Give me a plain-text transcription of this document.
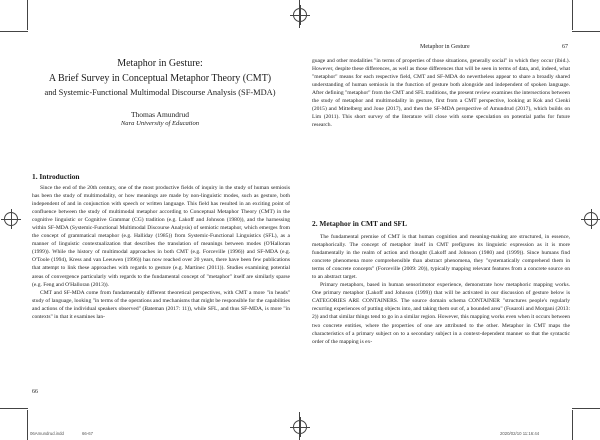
Metaphor in Gesture:
A Brief Survey in Conceptual Metaphor Theory (CMT)
and Systemic-Functional Multimodal Discourse Analysis (SF-MDA)
Thomas Amundrud
Nara University of Education
1. Introduction

Since the end of the 20th century, one of the most productive fields of inquiry in the study of human semiosis has been the study of multimodality, or how meanings are made by non-linguistic modes, such as gesture, both independent of and in conjunction with speech or written language. This field has resulted in an exciting point of confluence between the study of multimodal metaphor according to Conceptual Metaphor Theory (CMT) in the cognitive linguistic or Cognitive Grammar (CG) tradition (e.g. Lakoff and Johnson (1980)), and the harnessing within SF-MDA (Systemic-Functional Multimodal Discourse Analysis) of semiotic metaphor, which emerges from the concept of grammatical metaphor (e.g. Halliday (1985)) from Systemic-Functional Linguistics (SFL), as a manner of linguistic contextualization that describes the translation of meanings between modes (O'Halloran (1999)). While the history of multimodal approaches in both CMT (e.g. Forceville (1996)) and SF-MDA (e.g. O'Toole (1994), Kress and van Leeuwen (1996)) has now reached over 20 years, there have been few publications that attempt to link these approaches with regards to gesture (e.g. Martinec (2011)). Studies examining potential areas of convergence particularly with regards to the fundamental concept of "metaphor" itself are similarly sparse (e.g. Feng and O'Halloran (2013)).

CMT and SF-MDA come from fundamentally different theoretical perspectives, with CMT a more "in heads" study of language, looking "in terms of the operations and mechanisms that might be responsible for the capabilities and actions of the individual speakers observed" (Bateman (2017: 11)), while SFL, and thus SF-MDA, is more "in contexts" in that it examines lan-

66
Metaphor in Gesture	67

guage and other modalities "in terms of properties of those situations, generally social" in which they occur (ibid.). However, despite these differences, as well as those differences that will be seen in terms of data, and, indeed, what "metaphor" means for each respective field, CMT and SF-MDA do nevertheless appear to share a broadly shared understanding of human semiosis in the function of gesture both alongside and independent of spoken language. After defining "metaphor" from the CMT and SFL traditions, the present review examines the intersections between the study of metaphor and multimodality in gesture, first from a CMT perspective, looking at Kok and Cienki (2015) and Mittelberg and Joue (2017), and then the SF-MDA perspective of Amundrud (2017), which builds on Lim (2011). This short survey of the literature will close with some speculation on potential paths for future research.

2. Metaphor in CMT and SFL

The fundamental premise of CMT is that human cognition and meaning-making are structured, in essence, metaphorically. The concept of metaphor itself in CMT prefigures its linguistic expression as it is more fundamentally in the realm of action and thought (Lakoff and Johnson (1980) and (1999)). Since humans find concrete phenomena more comprehensible than abstract phenomena, they "systematically comprehend them in terms of concrete concepts" (Forceville (2009: 20)), typically mapping relevant features from a concrete source on to an abstract target.

Primary metaphors, based in human sensorimotor experience, demonstrate how metaphoric mapping works. One primary metaphor (Lakoff and Johnson (1999)) that will be activated in our discussion of gesture below is CATEGORIES ARE CONTAINERS. The source domain schema CONTAINER "structures people's regularly recurring experiences of putting objects into, and taking them out of, a bounded area" (Fusaroli and Morgani (2013: 2)) and that similar things tend to go in a similar region. However, this mapping works even when it occurs between two concrete entities, where the properties of one are attributed to the other. Metaphor in CMT maps the characteristics of a primary subject on to a secondary subject in a context-dependent manner so that the syntactic order of the mapping is ex-

06Amundrud.indd	66-67	2020/02/10 11:16:44
